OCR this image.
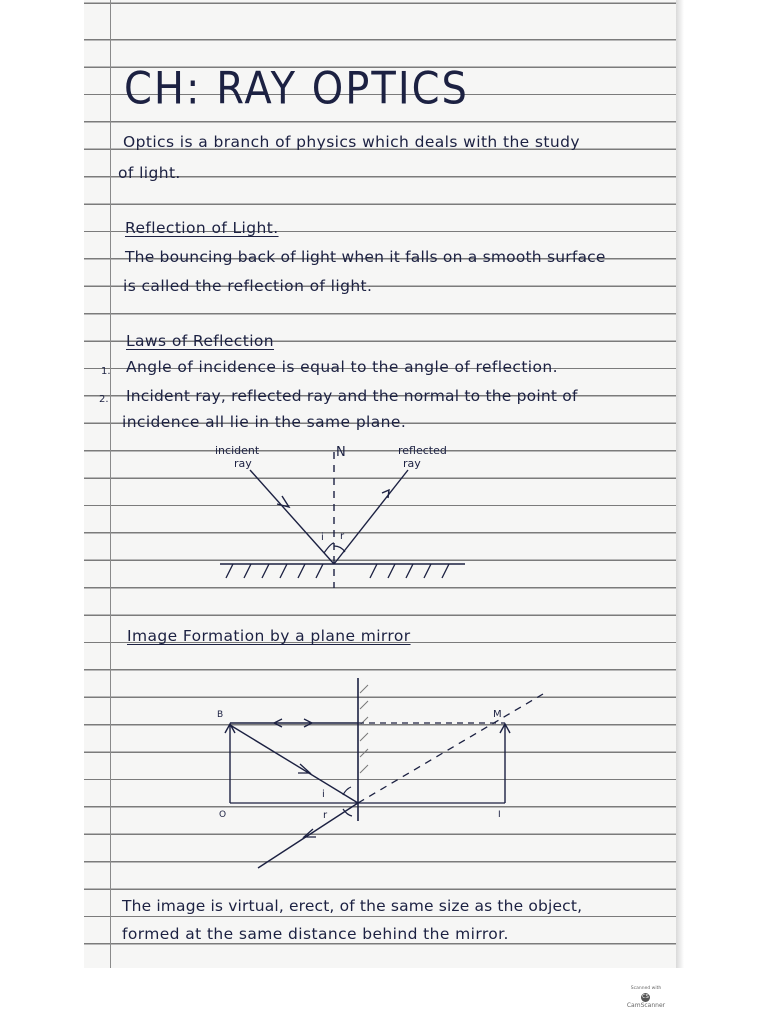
CH: RAY OPTICS
Optics is a branch of physics which deals with the study
of light.
Reflection of Light.
The bouncing back of light when it falls on a smooth surface
is called the reflection of light.
Laws of Reflection
1. Angle of incidence is equal to the angle of reflection.
2. Incident ray, reflected ray and the normal to the point of
incidence all lie in the same plane.
incident
ray
N	reflected
ray
i r
Image Formation by a plane mirror
B	M
O	I
i
r
The image is virtual, erect, of the same size as the object,
formed at the same distance behind the mirror.
Scanned with
CSCamScanner
